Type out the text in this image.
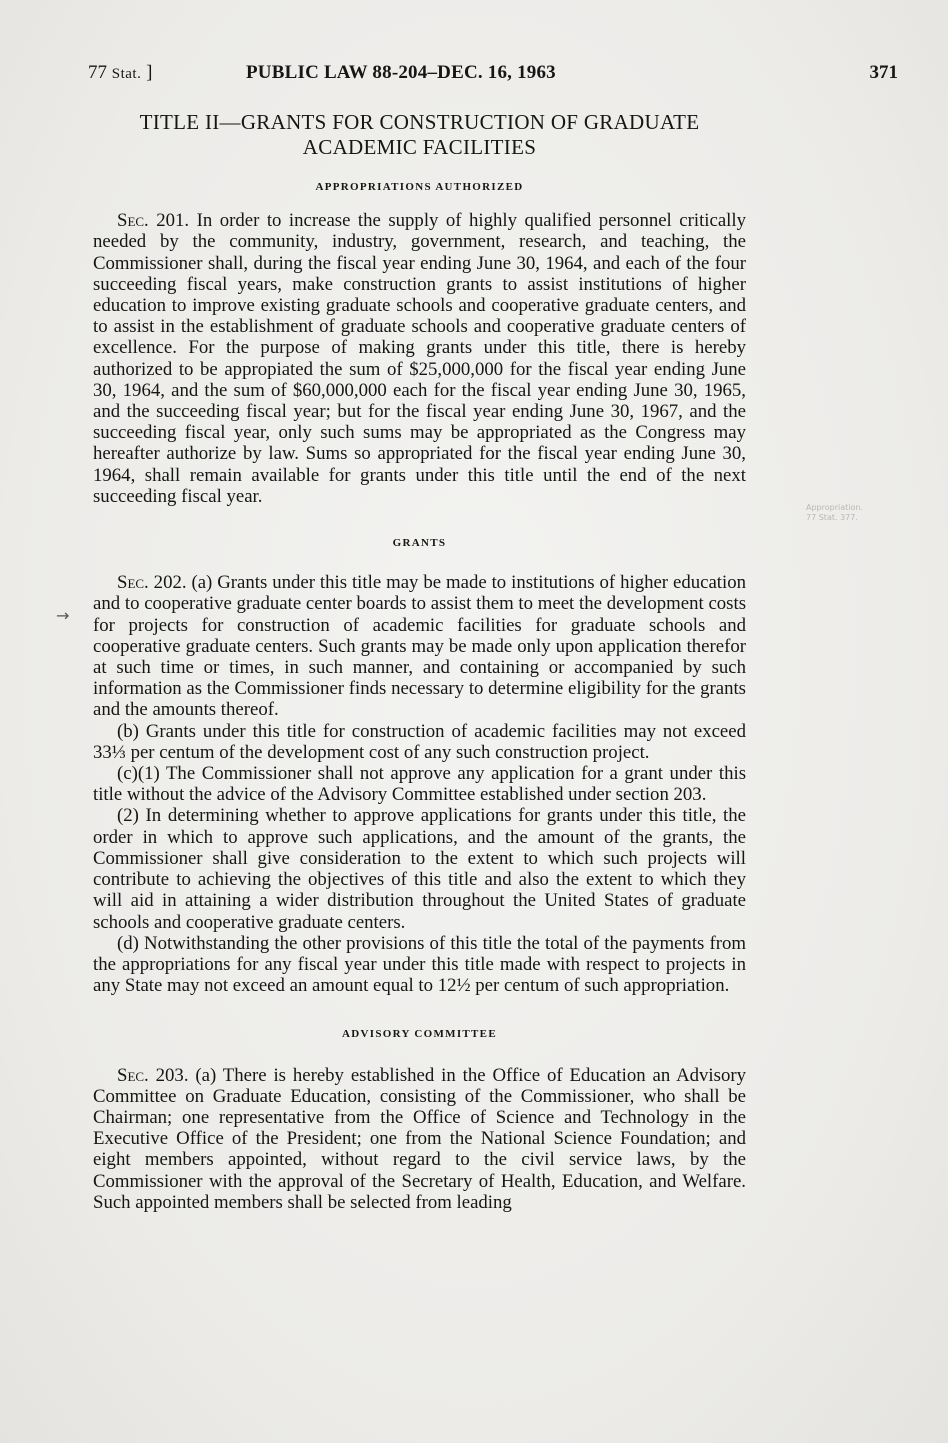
77 Stat. ]	PUBLIC LAW 88-204–DEC. 16, 1963	371
→
Appropriation.
77 Stat. 377.
TITLE II—GRANTS FOR CONSTRUCTION OF GRADUATE
ACADEMIC FACILITIES
APPROPRIATIONS AUTHORIZED

Sec. 201. In order to increase the supply of highly qualified personnel critically needed by the community, industry, government, research, and teaching, the Commissioner shall, during the fiscal year ending June 30, 1964, and each of the four succeeding fiscal years, make construction grants to assist institutions of higher education to improve existing graduate schools and cooperative graduate centers, and to assist in the establishment of graduate schools and cooperative graduate centers of excellence. For the purpose of making grants under this title, there is hereby authorized to be appropiated the sum of $25,000,000 for the fiscal year ending June 30, 1964, and the sum of $60,000,000 each for the fiscal year ending June 30, 1965, and the succeeding fiscal year; but for the fiscal year ending June 30, 1967, and the succeeding fiscal year, only such sums may be appropriated as the Congress may hereafter authorize by law. Sums so appropriated for the fiscal year ending June 30, 1964, shall remain available for grants under this title until the end of the next succeeding fiscal year.

GRANTS

Sec. 202. (a) Grants under this title may be made to institutions of higher education and to cooperative graduate center boards to assist them to meet the development costs for projects for construction of academic facilities for graduate schools and cooperative graduate centers. Such grants may be made only upon application therefor at such time or times, in such manner, and containing or accompanied by such information as the Commissioner finds necessary to determine eligibility for the grants and the amounts thereof.

(b) Grants under this title for construction of academic facilities may not exceed 33⅓ per centum of the development cost of any such construction project.

(c)(1) The Commissioner shall not approve any application for a grant under this title without the advice of the Advisory Committee established under section 203.

(2) In determining whether to approve applications for grants under this title, the order in which to approve such applications, and the amount of the grants, the Commissioner shall give consideration to the extent to which such projects will contribute to achieving the objectives of this title and also the extent to which they will aid in attaining a wider distribution throughout the United States of graduate schools and cooperative graduate centers.

(d) Notwithstanding the other provisions of this title the total of the payments from the appropriations for any fiscal year under this title made with respect to projects in any State may not exceed an amount equal to 12½ per centum of such appropriation.

ADVISORY COMMITTEE

Sec. 203. (a) There is hereby established in the Office of Education an Advisory Committee on Graduate Education, consisting of the Commissioner, who shall be Chairman; one representative from the Office of Science and Technology in the Executive Office of the President; one from the National Science Foundation; and eight members appointed, without regard to the civil service laws, by the Commissioner with the approval of the Secretary of Health, Education, and Welfare. Such appointed members shall be selected from leading
